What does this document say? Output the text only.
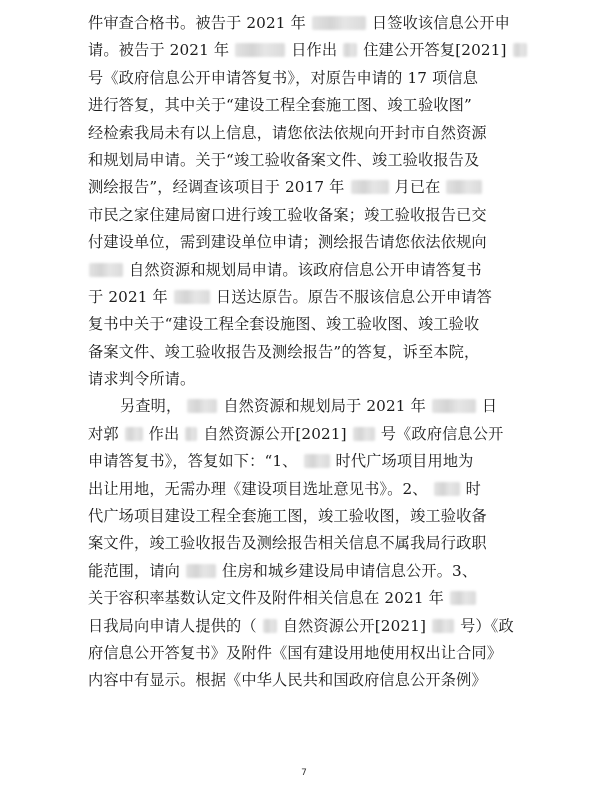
件审查合格书。被告于 2021 年	日签收该信息公开申
请。被告于 2021 年	日作出 住建公开答复[2021]
号《政府信息公开申请答复书》，对原告申请的 17 项信息
进行答复，其中关于“建设工程全套施工图、竣工验收图”
经检索我局未有以上信息，请您依法依规向开封市自然资源
和规划局申请。关于“竣工验收备案文件、竣工验收报告及
测绘报告”，经调查该项目于 2017 年	月已在
市民之家住建局窗口进行竣工验收备案；竣工验收报告已交
付建设单位，需到建设单位申请；测绘报告请您依法依规向
自然资源和规划局申请。该政府信息公开申请答复书
于 2021 年	日送达原告。原告不服该信息公开申请答
复书中关于“建设工程全套设施图、竣工验收图、竣工验收
备案文件、竣工验收报告及测绘报告”的答复，诉至本院，
请求判令所请。
另查明，	自然资源和规划局于 2021 年	日
对郭 作出 自然资源公开[2021] 号《政府信息公开
申请答复书》，答复如下：“1、 时代广场项目用地为
出让用地，无需办理《建设项目选址意见书》。2、 时
代广场项目建设工程全套施工图，竣工验收图，竣工验收备
案文件，竣工验收报告及测绘报告相关信息不属我局行政职
能范围，请向	住房和城乡建设局申请信息公开。3、
关于容积率基数认定文件及附件相关信息在 2021 年
日我局向申请人提供的（ 自然资源公开[2021] 号）《政
府信息公开答复书》及附件《国有建设用地使用权出让合同》
内容中有显示。根据《中华人民共和国政府信息公开条例》
7
